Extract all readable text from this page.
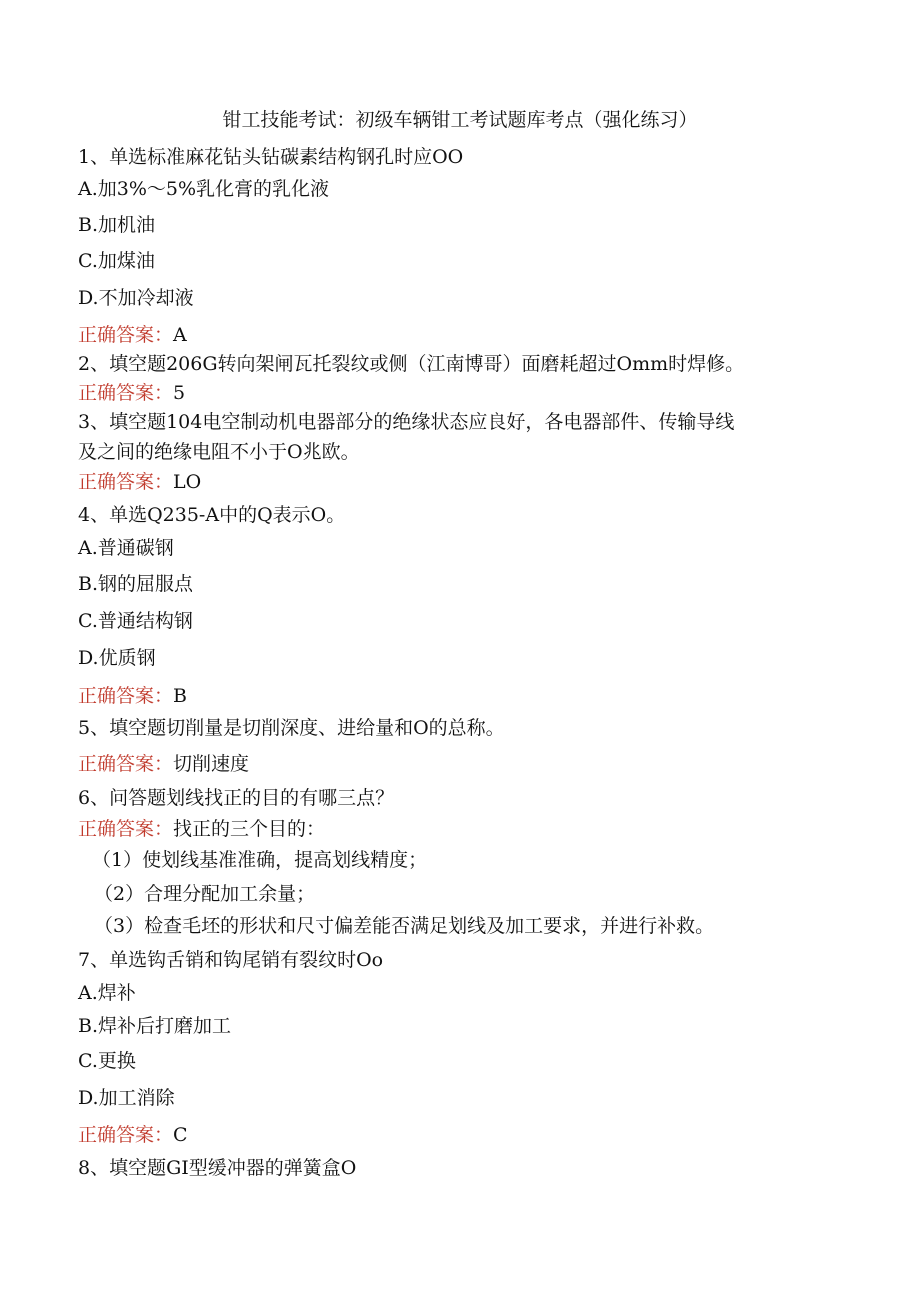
钳工技能考试：初级车辆钳工考试题库考点（强化练习）
1、单选标准麻花钻头钻碳素结构钢孔时应OO
A.加3%～5%乳化膏的乳化液
B.加机油
C.加煤油
D.不加冷却液
正确答案：A
2、填空题206G转向架闸瓦托裂纹或侧（江南博哥）面磨耗超过Omm时焊修。
正确答案：5
3、填空题104电空制动机电器部分的绝缘状态应良好，各电器部件、传输导线
及之间的绝缘电阻不小于O兆欧。
正确答案：LO
4、单选Q235-A中的Q表示O。
A.普通碳钢
B.钢的屈服点
C.普通结构钢
D.优质钢
正确答案：B
5、填空题切削量是切削深度、进给量和O的总称。
正确答案：切削速度
6、问答题划线找正的目的有哪三点？
正确答案：找正的三个目的：
（1）使划线基准准确，提高划线精度；
（2）合理分配加工余量；
（3）检查毛坯的形状和尺寸偏差能否满足划线及加工要求，并进行补救。
7、单选钩舌销和钩尾销有裂纹时Oo
A.焊补
B.焊补后打磨加工
C.更换
D.加工消除
正确答案：C
8、填空题GI型缓冲器的弹簧盒O
